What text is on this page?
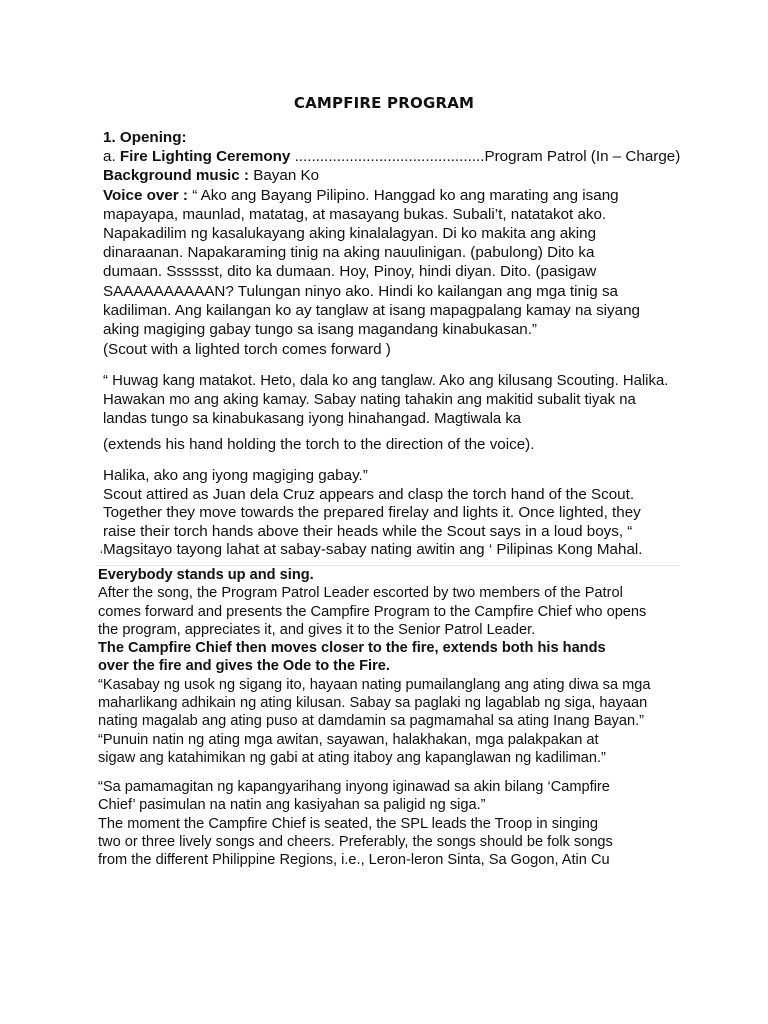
CAMPFIRE PROGRAM
1. Opening:
a. Fire Lighting Ceremony .............................................Program Patrol (In – Charge)
Background music : Bayan Ko
Voice over : “ Ako ang Bayang Pilipino. Hanggad ko ang marating ang isang
mapayapa, maunlad, matatag, at masayang bukas. Subali’t, natatakot ako.
Napakadilim ng kasalukayang aking kinalalagyan. Di ko makita ang aking
dinaraanan. Napakaraming tinig na aking nauulinigan. (pabulong) Dito ka
dumaan. Sssssst, dito ka dumaan. Hoy, Pinoy, hindi diyan. Dito. (pasigaw
SAAAAAAAAAAN? Tulungan ninyo ako. Hindi ko kailangan ang mga tinig sa
kadiliman. Ang kailangan ko ay tanglaw at isang mapagpalang kamay na siyang
aking magiging gabay tungo sa isang magandang kinabukasan.”
(Scout with a lighted torch comes forward )
“ Huwag kang matakot. Heto, dala ko ang tanglaw. Ako ang kilusang Scouting. Halika.
Hawakan mo ang aking kamay. Sabay nating tahakin ang makitid subalit tiyak na
landas tungo sa kinabukasang iyong hinahangad. Magtiwala ka
(extends his hand holding the torch to the direction of the voice).
Halika, ako ang iyong magiging gabay.”
Scout attired as Juan dela Cruz appears and clasp the torch hand of the Scout.
Together they move towards the prepared firelay and lights it. Once lighted, they
raise their torch hands above their heads while the Scout says in a loud boys, “
Magsitayo tayong lahat at sabay-sabay nating awitin ang ‘ Pilipinas Kong Mahal.
‘
Everybody stands up and sing.
After the song, the Program Patrol Leader escorted by two members of the Patrol
comes forward and presents the Campfire Program to the Campfire Chief who opens
the program, appreciates it, and gives it to the Senior Patrol Leader.
The Campfire Chief then moves closer to the fire, extends both his hands
over the fire and gives the Ode to the Fire.
“Kasabay ng usok ng sigang ito, hayaan nating pumailanglang ang ating diwa sa mga
maharlikang adhikain ng ating kilusan. Sabay sa paglaki ng lagablab ng siga, hayaan
nating magalab ang ating puso at damdamin sa pagmamahal sa ating Inang Bayan.”
“Punuin natin ng ating mga awitan, sayawan, halakhakan, mga palakpakan at
sigaw ang katahimikan ng gabi at ating itaboy ang kapanglawan ng kadiliman.”
“Sa pamamagitan ng kapangyarihang inyong iginawad sa akin bilang ‘Campfire
Chief’ pasimulan na natin ang kasiyahan sa paligid ng siga.”
The moment the Campfire Chief is seated, the SPL leads the Troop in singing
two or three lively songs and cheers. Preferably, the songs should be folk songs
from the different Philippine Regions, i.e., Leron-leron Sinta, Sa Gogon, Atin Cu
